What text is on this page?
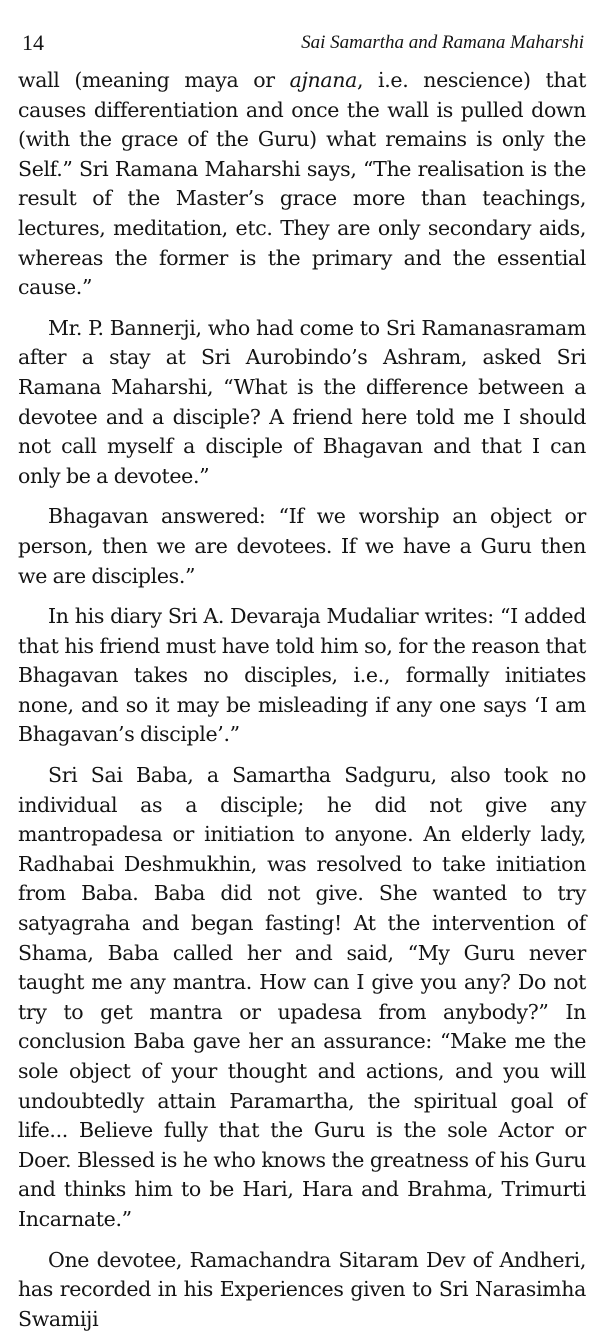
14	Sai Samartha and Ramana Maharshi

wall (meaning maya or ajnana, i.e. nescience) that causes differentiation and once the wall is pulled down (with the grace of the Guru) what remains is only the Self.” Sri Ramana Maharshi says, “The realisation is the result of the Master’s grace more than teachings, lectures, meditation, etc. They are only secondary aids, whereas the former is the primary and the essential cause.”

Mr. P. Bannerji, who had come to Sri Ramanasramam after a stay at Sri Aurobindo’s Ashram, asked Sri Ramana Maharshi, “What is the difference between a devotee and a disciple? A friend here told me I should not call myself a disciple of Bhagavan and that I can only be a devotee.”

Bhagavan answered: “If we worship an object or person, then we are devotees. If we have a Guru then we are disciples.”

In his diary Sri A. Devaraja Mudaliar writes: “I added that his friend must have told him so, for the reason that Bhagavan takes no disciples, i.e., formally initiates none, and so it may be misleading if any one says ‘I am Bhagavan’s disciple’.”

Sri Sai Baba, a Samartha Sadguru, also took no individual as a disciple; he did not give any mantropadesa or initiation to anyone. An elderly lady, Radhabai Deshmukhin, was resolved to take initiation from Baba. Baba did not give. She wanted to try satyagraha and began fasting! At the intervention of Shama, Baba called her and said, “My Guru never taught me any mantra. How can I give you any? Do not try to get mantra or upadesa from anybody?” In conclusion Baba gave her an assurance: “Make me the sole object of your thought and actions, and you will undoubtedly attain Paramartha, the spiritual goal of life... Believe fully that the Guru is the sole Actor or Doer. Blessed is he who knows the greatness of his Guru and thinks him to be Hari, Hara and Brahma, Trimurti Incarnate.”

One devotee, Ramachandra Sitaram Dev of Andheri, has recorded in his Experiences given to Sri Narasimha Swamiji
